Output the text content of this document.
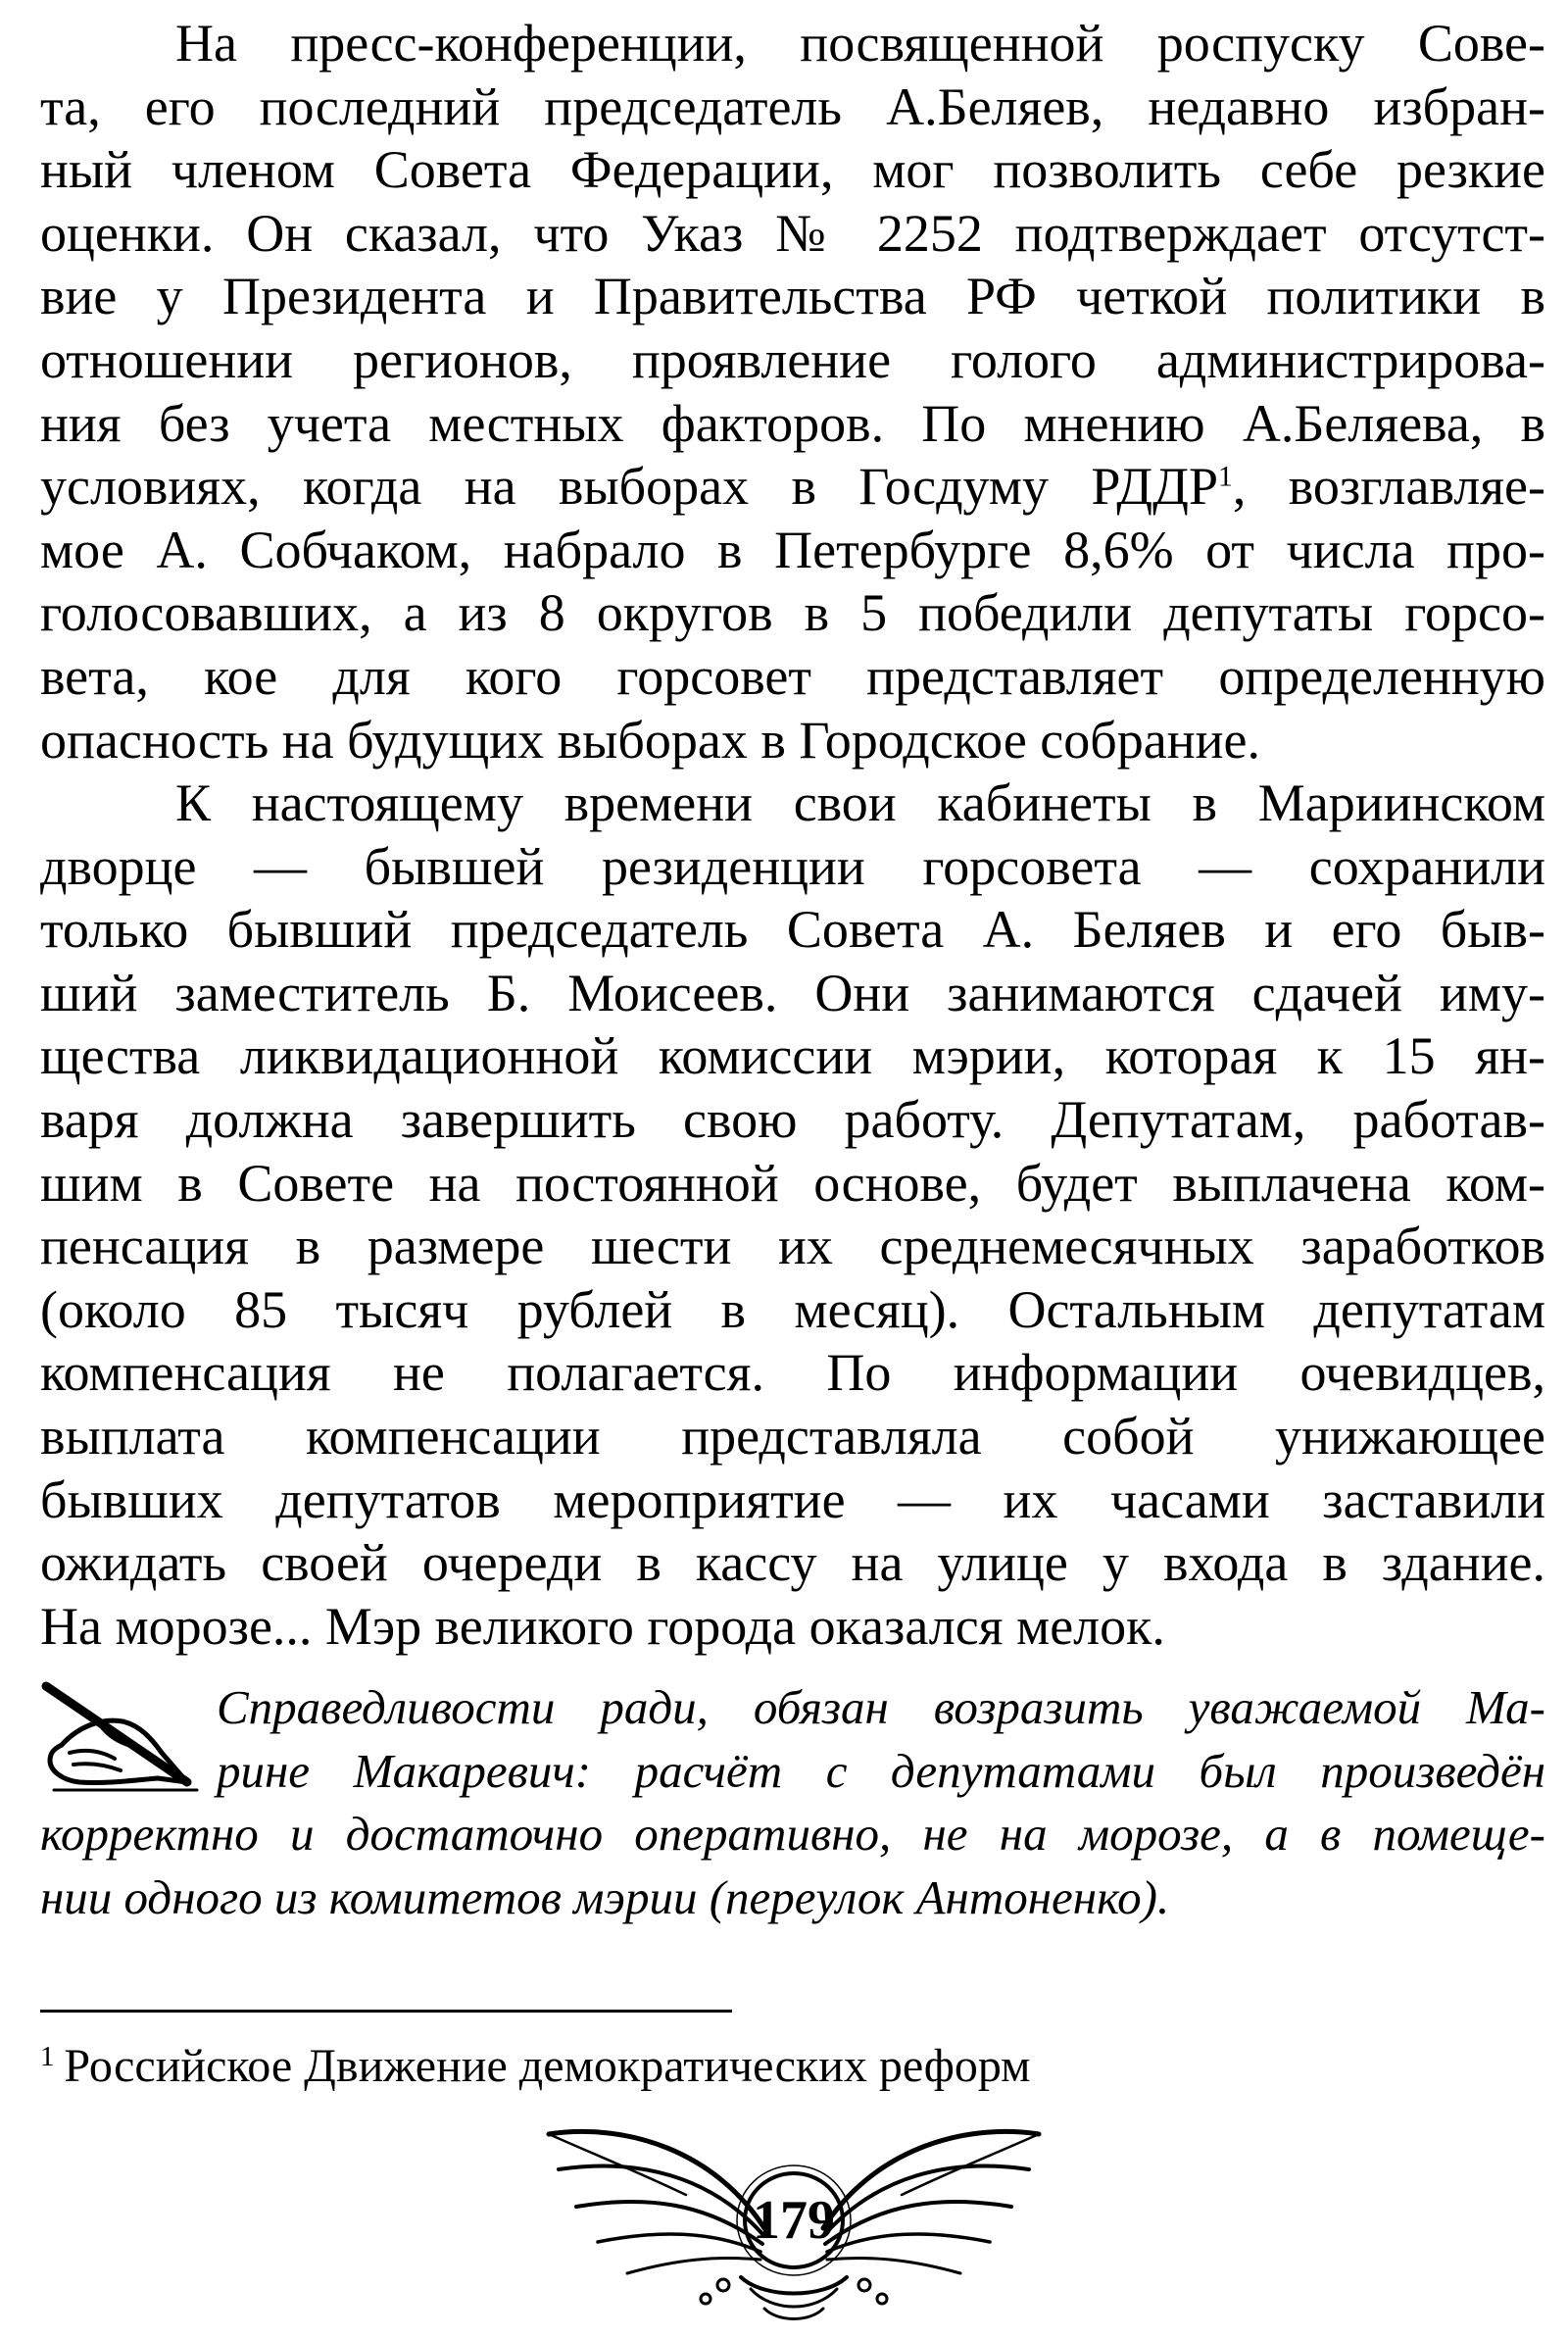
На пресс-конференции, посвященной роспуску Сове-
та, его последний председатель А.Беляев, недавно избран-
ный членом Совета Федерации, мог позволить себе резкие
оценки. Он сказал, что Указ № 2252 подтверждает отсутст-
вие у Президента и Правительства РФ четкой политики в
отношении регионов, проявление голого администрирова-
ния без учета местных факторов. По мнению А.Беляева, в
условиях, когда на выборах в Госдуму РДДР$^1$, возглавляе-
мое А. Собчаком, набрало в Петербурге 8,6% от числа про-
голосовавших, а из 8 округов в 5 победили депутаты горсо-
вета, кое для кого горсовет представляет определенную
опасность на будущих выборах в Городское собрание.
К настоящему времени свои кабинеты в Мариинском
дворце — бывшей резиденции горсовета — сохранили
только бывший председатель Совета А. Беляев и его быв-
ший заместитель Б. Моисеев. Они занимаются сдачей иму-
щества ликвидационной комиссии мэрии, которая к 15 ян-
варя должна завершить свою работу. Депутатам, работав-
шим в Совете на постоянной основе, будет выплачена ком-
пенсация в размере шести их среднемесячных заработков
(около 85 тысяч рублей в месяц). Остальным депутатам
компенсация не полагается. По информации очевидцев,
выплата компенсации представляла собой унижающее
бывших депутатов мероприятие — их часами заставили
ожидать своей очереди в кассу на улице у входа в здание.
На морозе... Мэр великого города оказался мелок.
Справедливости ради, обязан возразить уважаемой Ма-
рине Макаревич: расчёт с депутатами был произведён
корректно и достаточно оперативно, не на морозе, а в помеще-
нии одного из комитетов мэрии (переулок Антоненко).
$^1$ Российское Движение демократических реформ
179
